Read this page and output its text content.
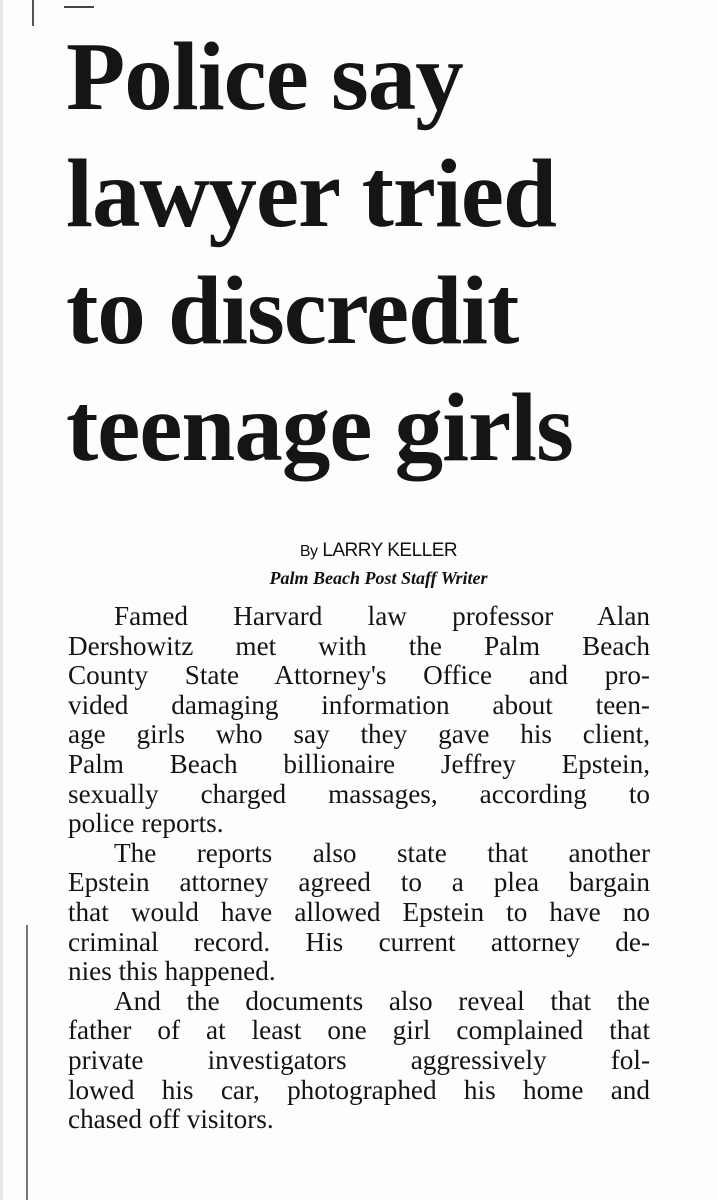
Police say
lawyer tried
to discredit
teenage girls
By LARRY KELLER
Palm Beach Post Staff Writer

Famed Harvard law professor Alan
Dershowitz met with the Palm Beach
County State Attorney's Office and pro-
vided damaging information about teen-
age girls who say they gave his client,
Palm Beach billionaire Jeffrey Epstein,
sexually charged massages, according to
police reports.

The reports also state that another
Epstein attorney agreed to a plea bargain
that would have allowed Epstein to have no
criminal record. His current attorney de-
nies this happened.

And the documents also reveal that the
father of at least one girl complained that
private investigators aggressively fol-
lowed his car, photographed his home and
chased off visitors.
